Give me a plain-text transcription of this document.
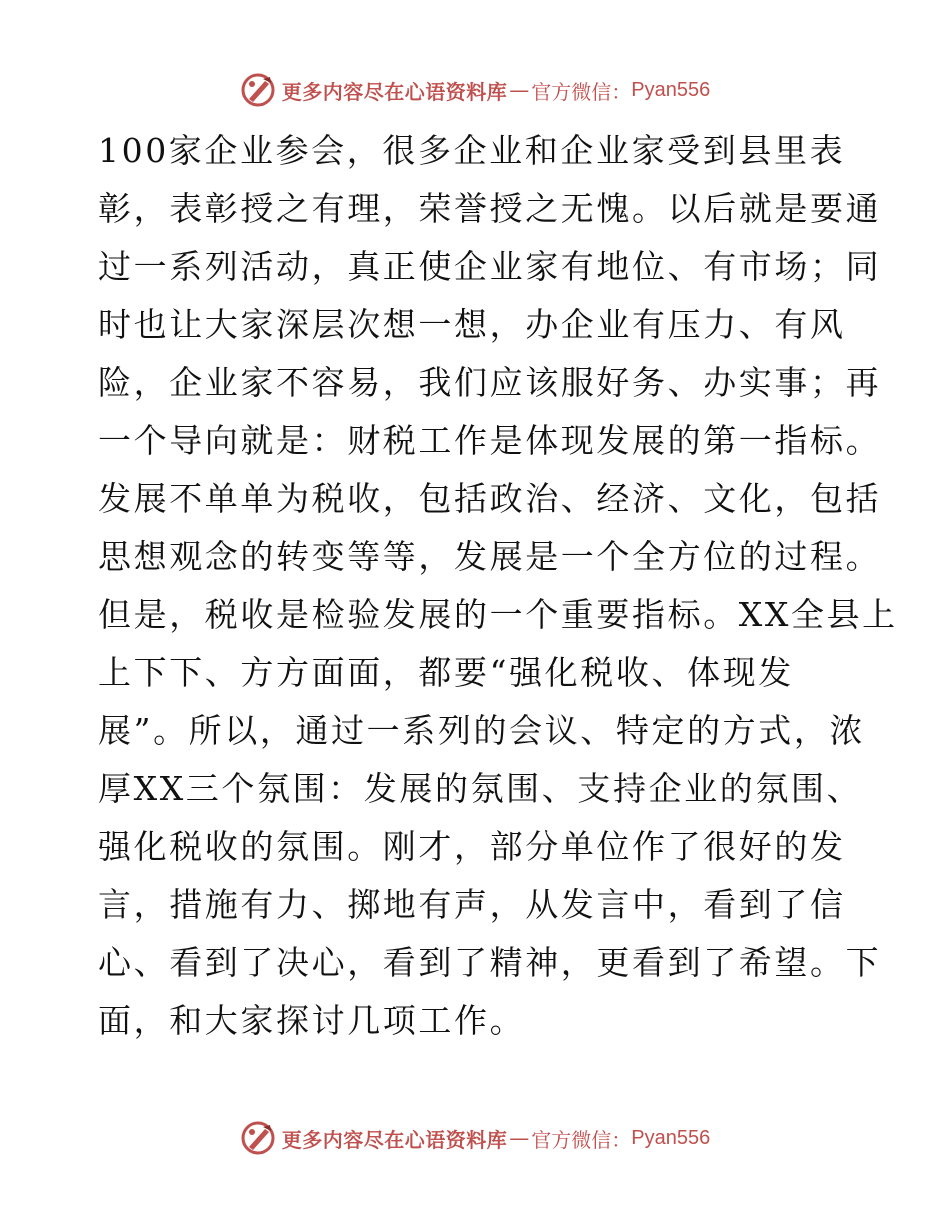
更多内容尽在心语资料库 — 官方微信： Pyan556
100家企业参会，很多企业和企业家受到县里表
彰，表彰授之有理，荣誉授之无愧。以后就是要通
过一系列活动，真正使企业家有地位、有市场；同
时也让大家深层次想一想，办企业有压力、有风
险，企业家不容易，我们应该服好务、办实事；再
一个导向就是：财税工作是体现发展的第一指标。
发展不单单为税收，包括政治、经济、文化，包括
思想观念的转变等等，发展是一个全方位的过程。
但是，税收是检验发展的一个重要指标。XX全县上
上下下、方方面面，都要“强化税收、体现发
展”。所以，通过一系列的会议、特定的方式，浓
厚XX三个氛围：发展的氛围、支持企业的氛围、
强化税收的氛围。刚才，部分单位作了很好的发
言，措施有力、掷地有声，从发言中，看到了信
心、看到了决心，看到了精神，更看到了希望。下
面，和大家探讨几项工作。
更多内容尽在心语资料库 — 官方微信： Pyan556
